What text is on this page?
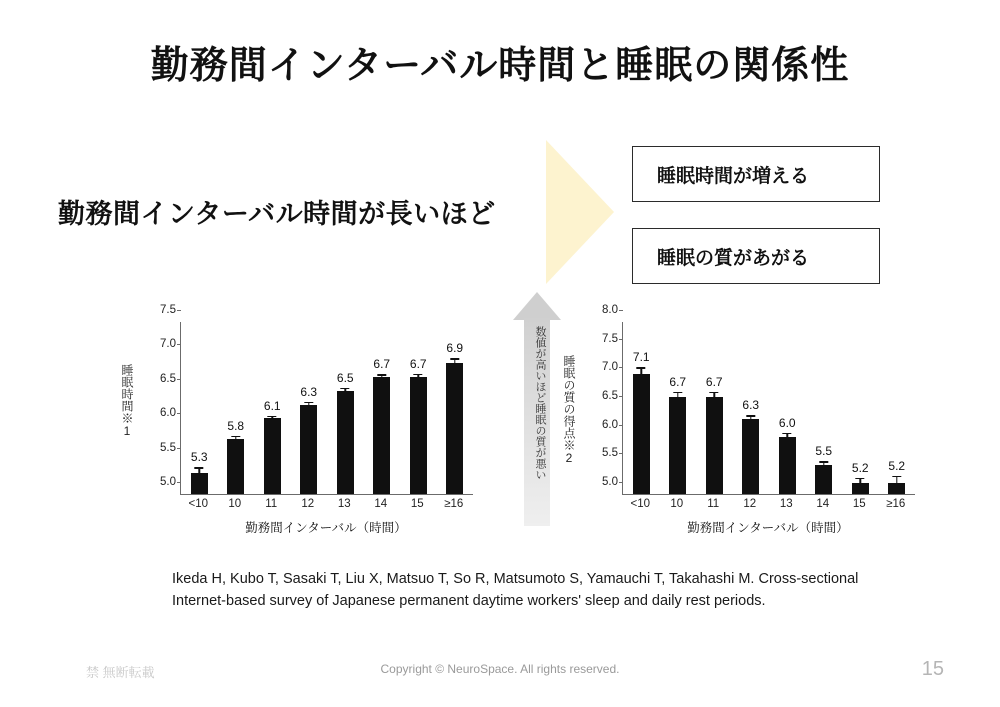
勤務間インターバル時間と睡眠の関係性
勤務間インターバル時間が長いほど
睡眠時間が増える
睡眠の質があがる
数値が高いほど睡眠の質が悪い
睡眠時間※1
5.0
5.5
6.0
6.5
7.0
7.5
5.3
5.8
6.1
6.3
6.5
6.7 6.7
6.9
<10	10	11	12	13	14	15	≥16
勤務間インターバル（時間）
睡眠の質の得点※2
5.0
5.5
6.0
6.5
7.0
7.5
8.0
7.1
6.7 6.7
6.3
6.0
5.5
5.2 5.2
<10	10	11	12	13	14	15	≥16
勤務間インターバル（時間）
Ikeda H, Kubo T, Sasaki T, Liu X, Matsuo T, So R, Matsumoto S, Yamauchi T, Takahashi M. Cross-sectional Internet-based survey of Japanese permanent daytime workers' sleep and daily rest periods.
禁 無断転載	Copyright © NeuroSpace. All rights reserved.	15
